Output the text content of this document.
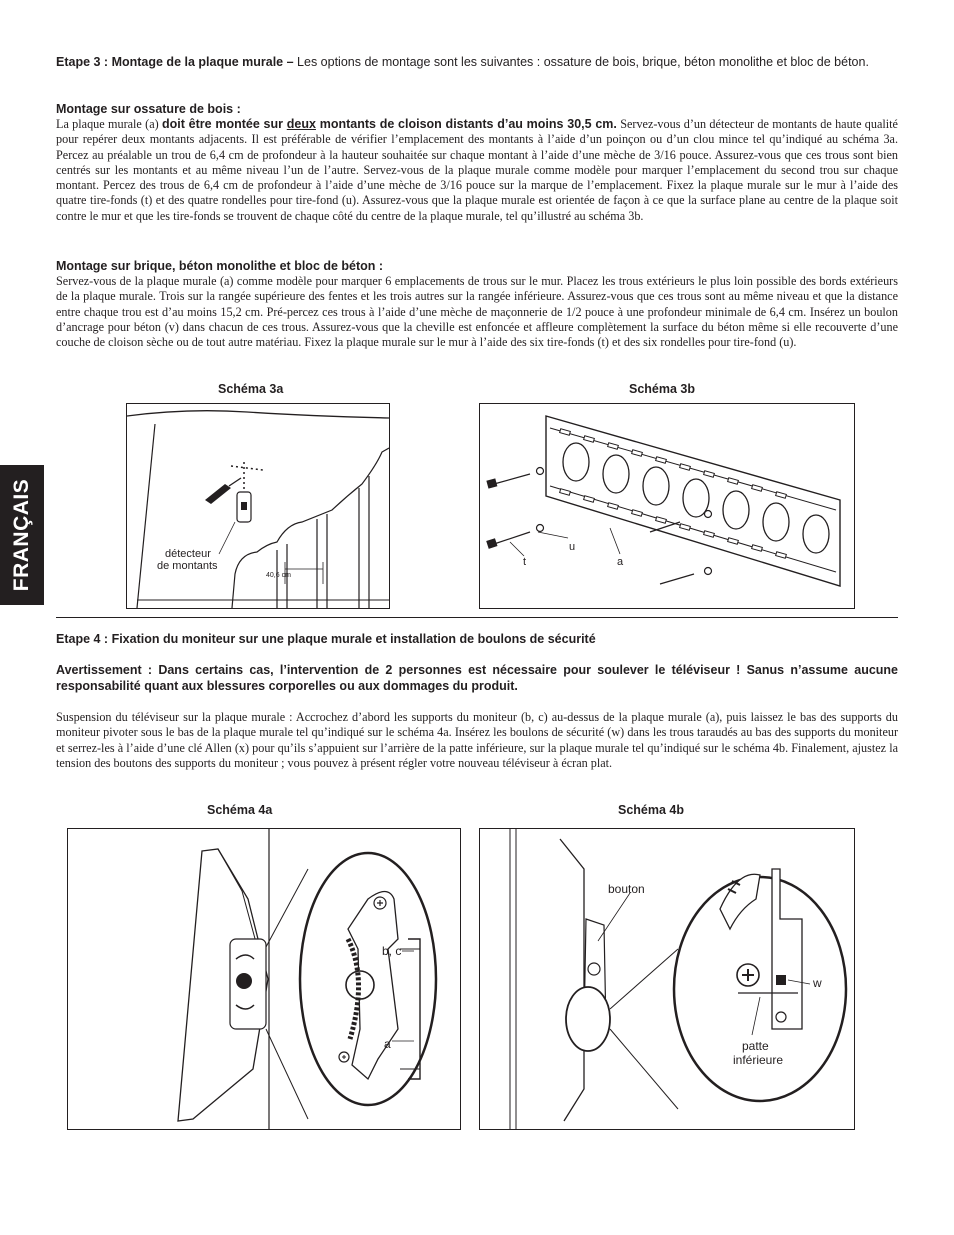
FRANÇAIS

Etape 3 : Montage de la plaque murale – Les options de montage sont les suivantes : ossature de bois, brique, béton monolithe et bloc de béton.

Montage sur ossature de bois :

La plaque murale (a) doit être montée sur deux montants de cloison distants d’au moins 30,5 cm. Servez-vous d’un détecteur de montants de haute qualité pour repérer deux montants adjacents. Il est préférable de vérifier l’emplacement des montants à l’aide d’un poinçon ou d’un clou mince tel qu’indiqué au schéma 3a. Percez au préalable un trou de 6,4 cm de profondeur à la hauteur souhaitée sur chaque montant à l’aide d’une mèche de 3/16 pouce. Assurez-vous que ces trous sont bien centrés sur les montants et au même niveau l’un de l’autre. Servez-vous de la plaque murale comme modèle pour marquer l’emplacement du second trou sur chaque montant. Percez des trous de 6,4 cm de profondeur à l’aide d’une mèche de 3/16 pouce sur la marque de l’emplacement. Fixez la plaque murale sur le mur à l’aide des quatre tire-fonds (t) et des quatre rondelles pour tire-fond (u). Assurez-vous que la plaque murale est orientée de façon à ce que la surface plane au centre de la plaque soit contre le mur et que les tire-fonds se trouvent de chaque côté du centre de la plaque murale, tel qu’illustré au schéma 3b.

Montage sur brique, béton monolithe et bloc de béton :

Servez-vous de la plaque murale (a) comme modèle pour marquer 6 emplacements de trous sur le mur. Placez les trous extérieurs le plus loin possible des bords extérieurs de la plaque murale. Trois sur la rangée supérieure des fentes et les trois autres sur la rangée inférieure. Assurez-vous que ces trous sont au même niveau et que la distance entre chaque trou est d’au moins 15,2 cm. Pré-percez ces trous à l’aide d’une mèche de maçonnerie de 1/2 pouce à une profondeur minimale de 6,4 cm. Insérez un boulon d’ancrage pour béton (v) dans chacun de ces trous. Assurez-vous que la cheville est enfoncée et affleure complètement la surface du béton même si elle recouverte d’une couche de cloison sèche ou de tout autre matériau. Fixez la plaque murale sur le mur à l’aide des six tire-fonds (t) et des six rondelles pour tire-fond (u).

Schéma 3a
40,6 cm
détecteur
de montants
Schéma 3b
t
u
a

Etape 4 : Fixation du moniteur sur une plaque murale et installation de boulons de sécurité

Avertissement : Dans certains cas, l’intervention de 2 personnes est nécessaire pour soulever le téléviseur ! Sanus n’assume aucune responsabilité quant aux blessures corporelles ou aux dommages du produit.

Suspension du téléviseur sur la plaque murale : Accrochez d’abord les supports du moniteur (b, c) au-dessus de la plaque murale (a), puis laissez le bas des supports du moniteur pivoter sous le bas de la plaque murale tel qu’indiqué sur le schéma 4a. Insérez les boulons de sécurité (w) dans les trous taraudés au bas des supports du moniteur et serrez-les à l’aide d’une clé Allen (x) pour qu’ils s’appuient sur l’arrière de la patte inférieure, sur la plaque murale tel qu’indiqué sur le schéma 4b. Finalement, ajustez la tension des boutons des supports du moniteur ; vous pouvez à présent régler votre nouveau téléviseur à écran plat.

Schéma 4a
b, c
a
Schéma 4b
bouton
w
patte
inférieure
